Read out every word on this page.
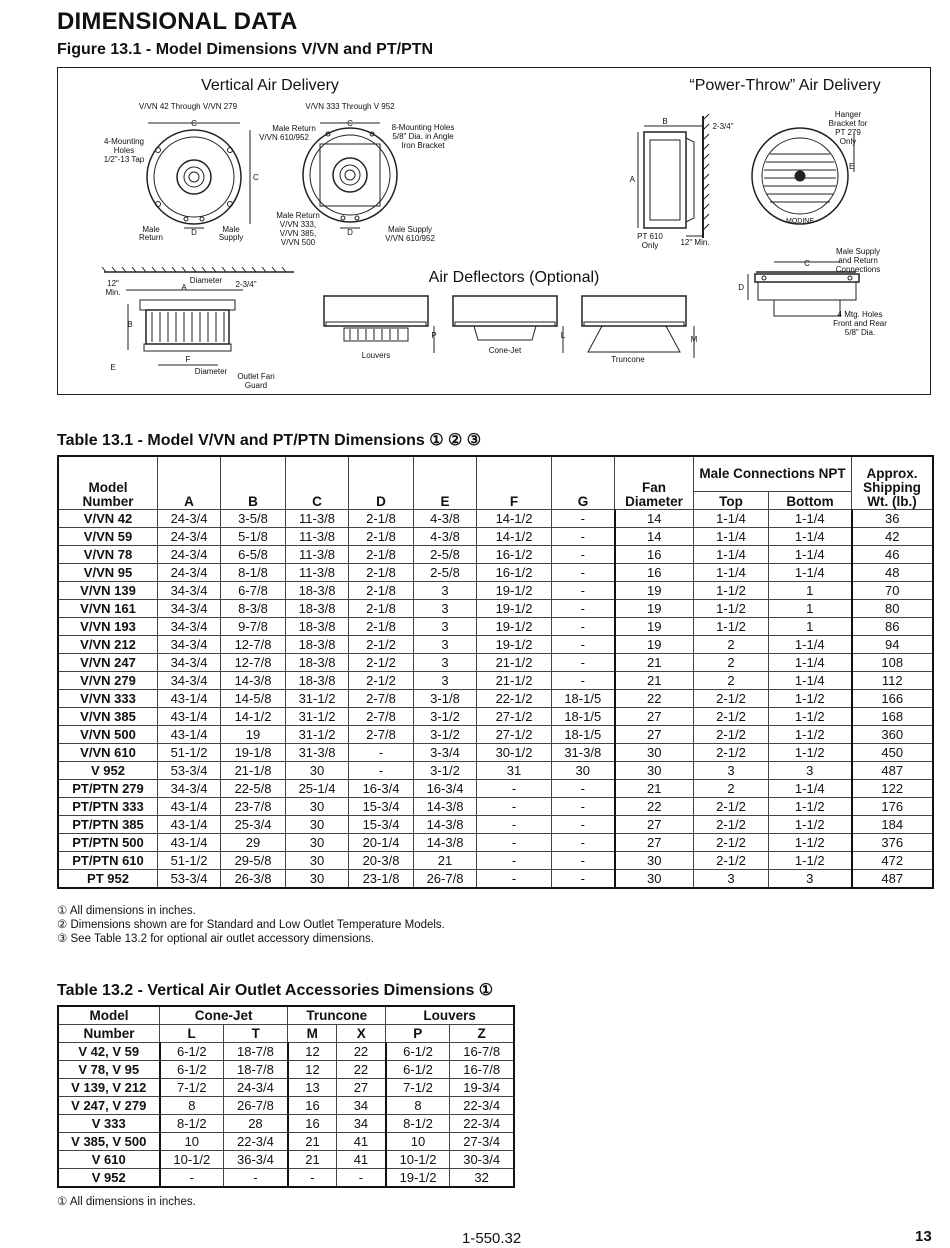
DIMENSIONAL DATA
Figure 13.1 - Model Dimensions V/VN and PT/PTN
Vertical Air Delivery	“Power-Throw” Air Delivery
Air Deflectors (Optional)
V/VN 42 Through V/VN 279
C
C
D
4-Mounting
Holes
1/2"-13 Tap
Male
Return
Male
Supply
V/VN 333 Through V 952
C
D
Male Return
V/VN 610/952
8-Mounting Holes
5/8" Dia. in Angle
Iron Bracket
Male Return
V/VN 333,
V/VN 385,
V/VN 500
Male Supply
V/VN 610/952
B
2-3/4"
A
PT 610
Only	12" Min.
Hanger
Bracket for
PT 279
Only
E
MODINE
12"
Min.
Diameter
A	2-3/4"
B
E
F
Diameter
Outlet Fan
Guard
Louvers
P
Cone-Jet
L
Truncone
M
C
D
Male Supply
and Return
Connections
4 Mtg. Holes
Front and Rear
5/8" Dia.
Table 13.1 - Model V/VN and PT/PTN Dimensions ① ② ③
Model Number	A	B	C	D	E	F	G	Fan Diameter	Male Connections NPT		Approx. Shipping Wt. (lb.)
									Top	Bottom	
V/VN 42	24-3/4	3-5/8	11-3/8	2-1/8	4-3/8	14-1/2	-	14	1-1/4	1-1/4	36
V/VN 59	24-3/4	5-1/8	11-3/8	2-1/8	4-3/8	14-1/2	-	14	1-1/4	1-1/4	42
V/VN 78	24-3/4	6-5/8	11-3/8	2-1/8	2-5/8	16-1/2	-	16	1-1/4	1-1/4	46
V/VN 95	24-3/4	8-1/8	11-3/8	2-1/8	2-5/8	16-1/2	-	16	1-1/4	1-1/4	48
V/VN 139	34-3/4	6-7/8	18-3/8	2-1/8	3	19-1/2	-	19	1-1/2	1	70
V/VN 161	34-3/4	8-3/8	18-3/8	2-1/8	3	19-1/2	-	19	1-1/2	1	80
V/VN 193	34-3/4	9-7/8	18-3/8	2-1/8	3	19-1/2	-	19	1-1/2	1	86
V/VN 212	34-3/4	12-7/8	18-3/8	2-1/2	3	19-1/2	-	19	2	1-1/4	94
V/VN 247	34-3/4	12-7/8	18-3/8	2-1/2	3	21-1/2	-	21	2	1-1/4	108
V/VN 279	34-3/4	14-3/8	18-3/8	2-1/2	3	21-1/2	-	21	2	1-1/4	112
V/VN 333	43-1/4	14-5/8	31-1/2	2-7/8	3-1/8	22-1/2	18-1/5	22	2-1/2	1-1/2	166
V/VN 385	43-1/4	14-1/2	31-1/2	2-7/8	3-1/2	27-1/2	18-1/5	27	2-1/2	1-1/2	168
V/VN 500	43-1/4	19	31-1/2	2-7/8	3-1/2	27-1/2	18-1/5	27	2-1/2	1-1/2	360
V/VN 610	51-1/2	19-1/8	31-3/8	-	3-3/4	30-1/2	31-3/8	30	2-1/2	1-1/2	450
V 952	53-3/4	21-1/8	30	-	3-1/2	31	30	30	3	3	487
PT/PTN 279	34-3/4	22-5/8	25-1/4	16-3/4	16-3/4	-	-	21	2	1-1/4	122
PT/PTN 333	43-1/4	23-7/8	30	15-3/4	14-3/8	-	-	22	2-1/2	1-1/2	176
PT/PTN 385	43-1/4	25-3/4	30	15-3/4	14-3/8	-	-	27	2-1/2	1-1/2	184
PT/PTN 500	43-1/4	29	30	20-1/4	14-3/8	-	-	27	2-1/2	1-1/2	376
PT/PTN 610	51-1/2	29-5/8	30	20-3/8	21	-	-	30	2-1/2	1-1/2	472
PT 952	53-3/4	26-3/8	30	23-1/8	26-7/8	-	-	30	3	3	487
① All dimensions in inches.
② Dimensions shown are for Standard and Low Outlet Temperature Models.
③ See Table 13.2 for optional air outlet accessory dimensions.
Table 13.2 - Vertical Air Outlet Accessories Dimensions ①
Model	Cone-Jet		Truncone		Louvers	
Number	L	T	M	X	P	Z
V 42, V 59	6-1/2	18-7/8	12	22	6-1/2	16-7/8
V 78, V 95	6-1/2	18-7/8	12	22	6-1/2	16-7/8
V 139, V 212	7-1/2	24-3/4	13	27	7-1/2	19-3/4
V 247, V 279	8	26-7/8	16	34	8	22-3/4
V 333	8-1/2	28	16	34	8-1/2	22-3/4
V 385, V 500	10	22-3/4	21	41	10	27-3/4
V 610	10-1/2	36-3/4	21	41	10-1/2	30-3/4
V 952	-	-	-	-	19-1/2	32
① All dimensions in inches.
1-550.32	13
